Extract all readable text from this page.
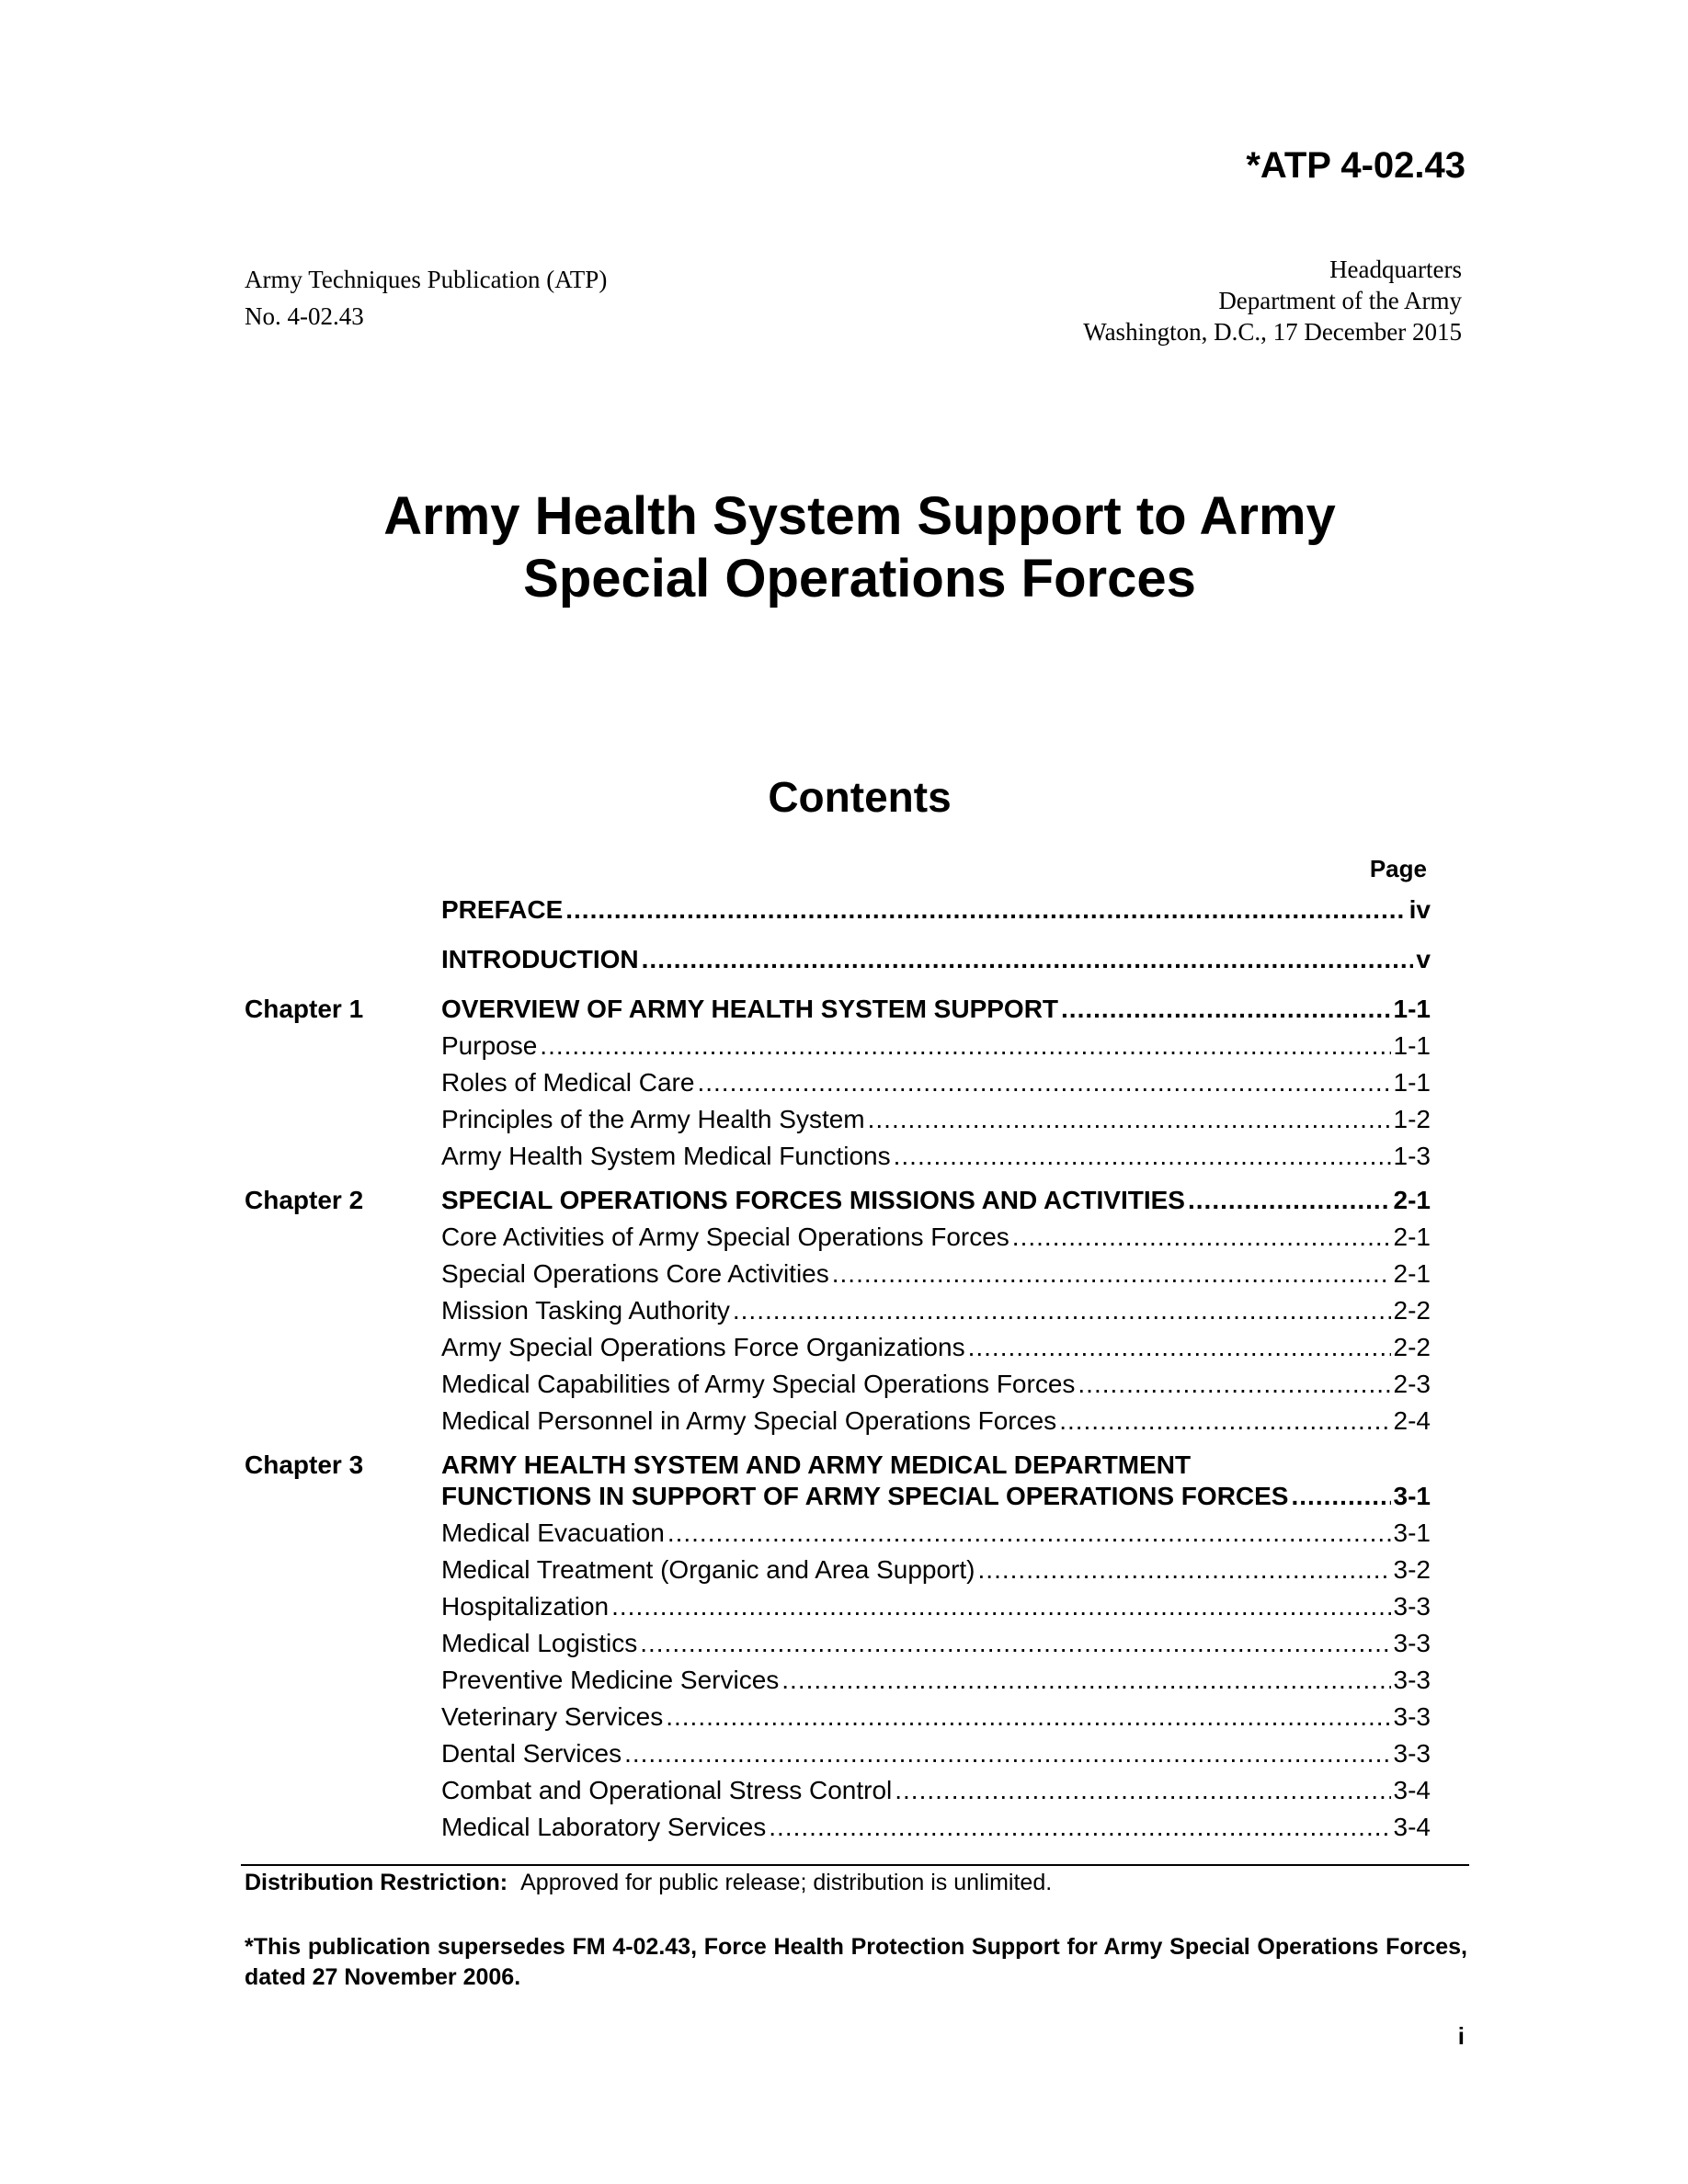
*ATP 4-02.43
Army Techniques Publication (ATP)
No. 4-02.43
Headquarters
Department of the Army
Washington, D.C., 17 December 2015
Army Health System Support to Army
Special Operations Forces
Contents
Page
PREFACE .....	iv
INTRODUCTION .....	v
Chapter 1	OVERVIEW OF ARMY HEALTH SYSTEM SUPPORT .....	1-1
Purpose .....	1-1
Roles of Medical Care .....	1-1
Principles of the Army Health System .....	1-2
Army Health System Medical Functions .....	1-3
Chapter 2	SPECIAL OPERATIONS FORCES MISSIONS AND ACTIVITIES .....	2-1
Core Activities of Army Special Operations Forces .....	2-1
Special Operations Core Activities .....	2-1
Mission Tasking Authority .....	2-2
Army Special Operations Force Organizations .....	2-2
Medical Capabilities of Army Special Operations Forces .....	2-3
Medical Personnel in Army Special Operations Forces .....	2-4
Chapter 3	ARMY HEALTH SYSTEM AND ARMY MEDICAL DEPARTMENT
FUNCTIONS IN SUPPORT OF ARMY SPECIAL OPERATIONS FORCES .....	3-1
Medical Evacuation .....	3-1
Medical Treatment (Organic and Area Support) .....	3-2
Hospitalization .....	3-3
Medical Logistics .....	3-3
Preventive Medicine Services .....	3-3
Veterinary Services .....	3-3
Dental Services .....	3-3
Combat and Operational Stress Control .....	3-4
Medical Laboratory Services .....	3-4
Distribution Restriction: Approved for public release; distribution is unlimited.
*This publication supersedes FM 4-02.43, Force Health Protection Support for Army Special Operations Forces, dated 27 November 2006.
i
